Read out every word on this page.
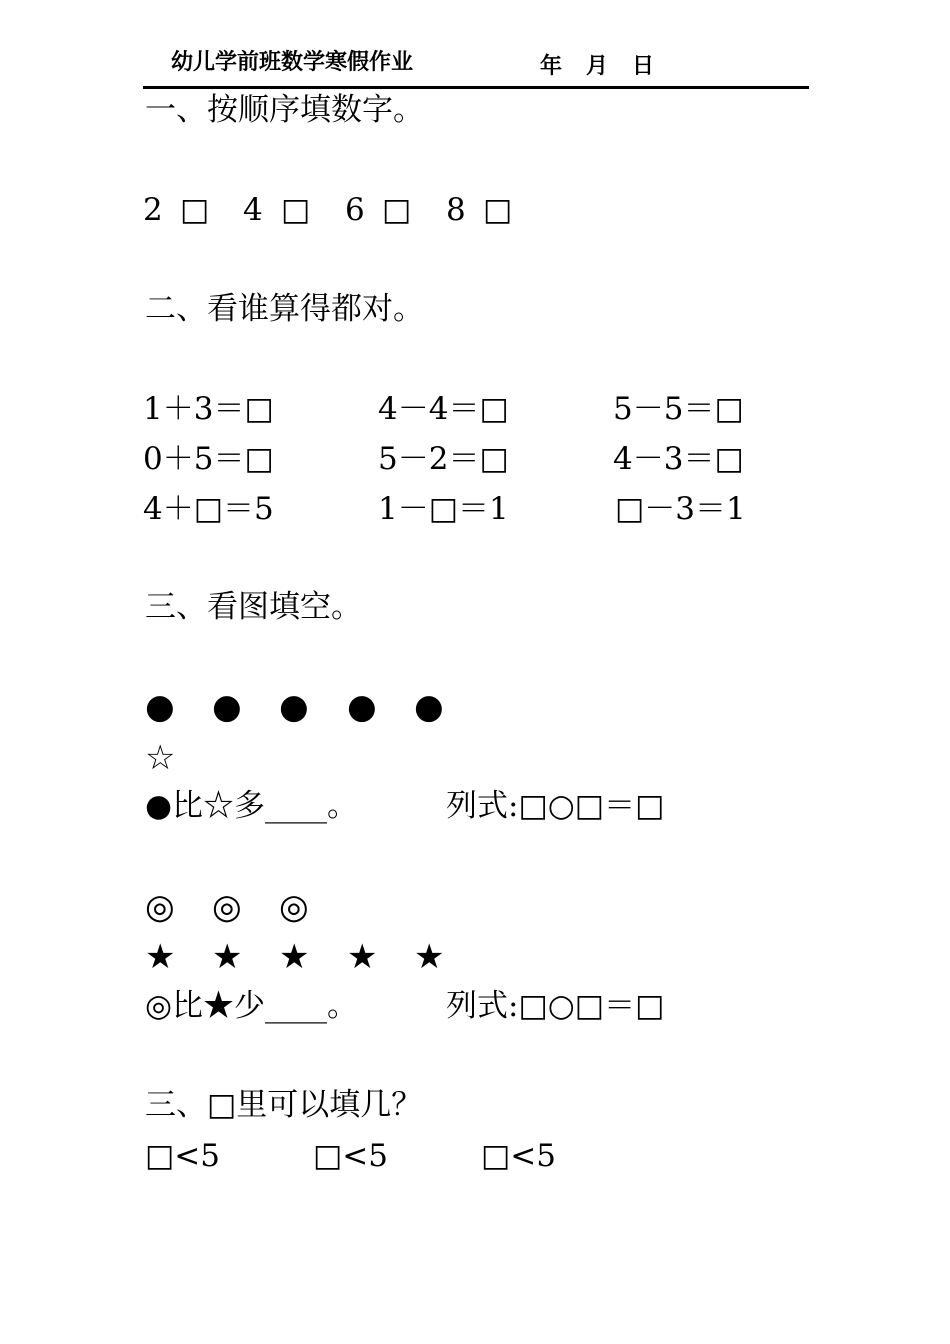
幼儿学前班数学寒假作业	年 月 日
一、按顺序填数字。
2 □ 4 □ 6 □ 8 □
二、看谁算得都对。
1＋3＝□	4－4＝□	5－5＝□
0＋5＝□	5－2＝□	4－3＝□
4＋□＝5	1－□＝1	□－3＝1
三、看图填空。
● ● ● ● ●
☆
●比☆多____。	列式:□○□＝□
◎ ◎ ◎
★ ★ ★ ★ ★
◎比★少____。	列式:□○□＝□
三、□里可以填几？
□<5	□<5	□<5
